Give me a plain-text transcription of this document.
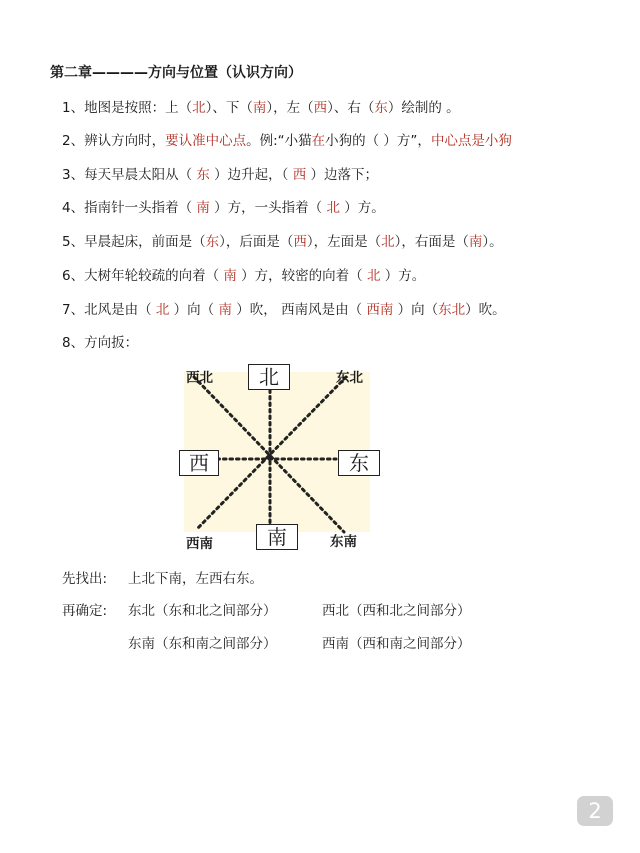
第二章————方向与位置（认识方向）
1、地图是按照：上（北）、下（南），左（西）、右（东）绘制的 。
2、辨认方向时，要认准中心点。例:“小猫在小狗的（ ）方”，中心点是小狗
3、每天早晨太阳从（ 东 ）边升起，（ 西 ）边落下；
4、指南针一头指着（ 南 ）方，一头指着（ 北 ）方。
5、早晨起床，前面是（东），后面是（西），左面是（北），右面是（南）。
6、大树年轮较疏的向着（ 南 ）方，较密的向着（ 北 ）方。
7、北风是由（ 北 ）向（ 南 ）吹， 西南风是由（ 西南 ）向（东北）吹。
8、方向扳：
北
西	东
南
西北	东北
西南	东南
先找出: 上北下南，左西右东。
再确定: 东北（东和北之间部分）	西北（西和北之间部分）
东南（东和南之间部分）	西南（西和南之间部分）
2
